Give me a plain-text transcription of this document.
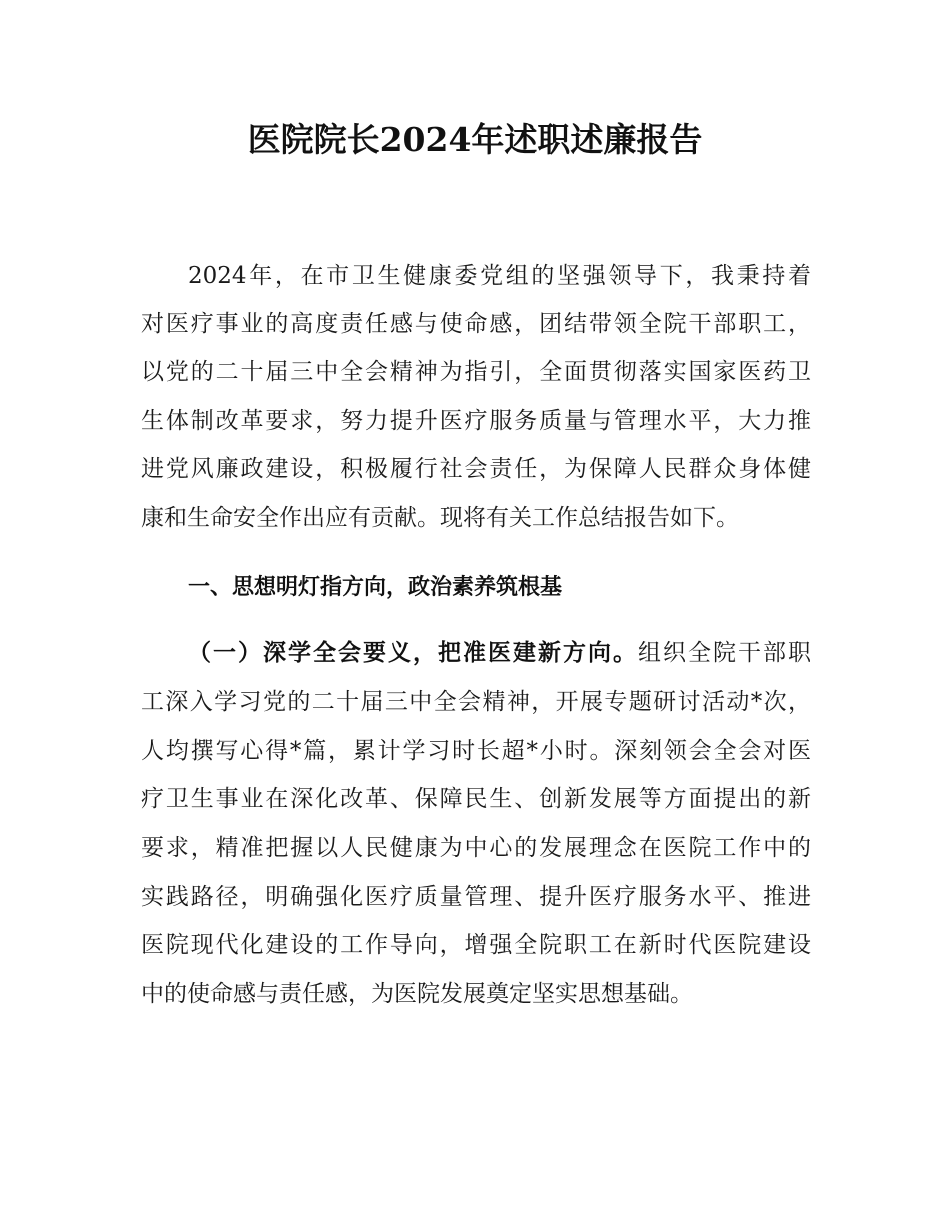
医院院长2024年述职述廉报告
2024年，在市卫生健康委党组的坚强领导下，我秉持着
对医疗事业的高度责任感与使命感，团结带领全院干部职工，
以党的二十届三中全会精神为指引，全面贯彻落实国家医药卫
生体制改革要求，努力提升医疗服务质量与管理水平，大力推
进党风廉政建设，积极履行社会责任，为保障人民群众身体健
康和生命安全作出应有贡献。现将有关工作总结报告如下。
一、思想明灯指方向，政治素养筑根基
（一）深学全会要义，把准医建新方向。组织全院干部职
工深入学习党的二十届三中全会精神，开展专题研讨活动*次，
人均撰写心得*篇，累计学习时长超*小时。深刻领会全会对医
疗卫生事业在深化改革、保障民生、创新发展等方面提出的新
要求，精准把握以人民健康为中心的发展理念在医院工作中的
实践路径，明确强化医疗质量管理、提升医疗服务水平、推进
医院现代化建设的工作导向，增强全院职工在新时代医院建设
中的使命感与责任感，为医院发展奠定坚实思想基础。
